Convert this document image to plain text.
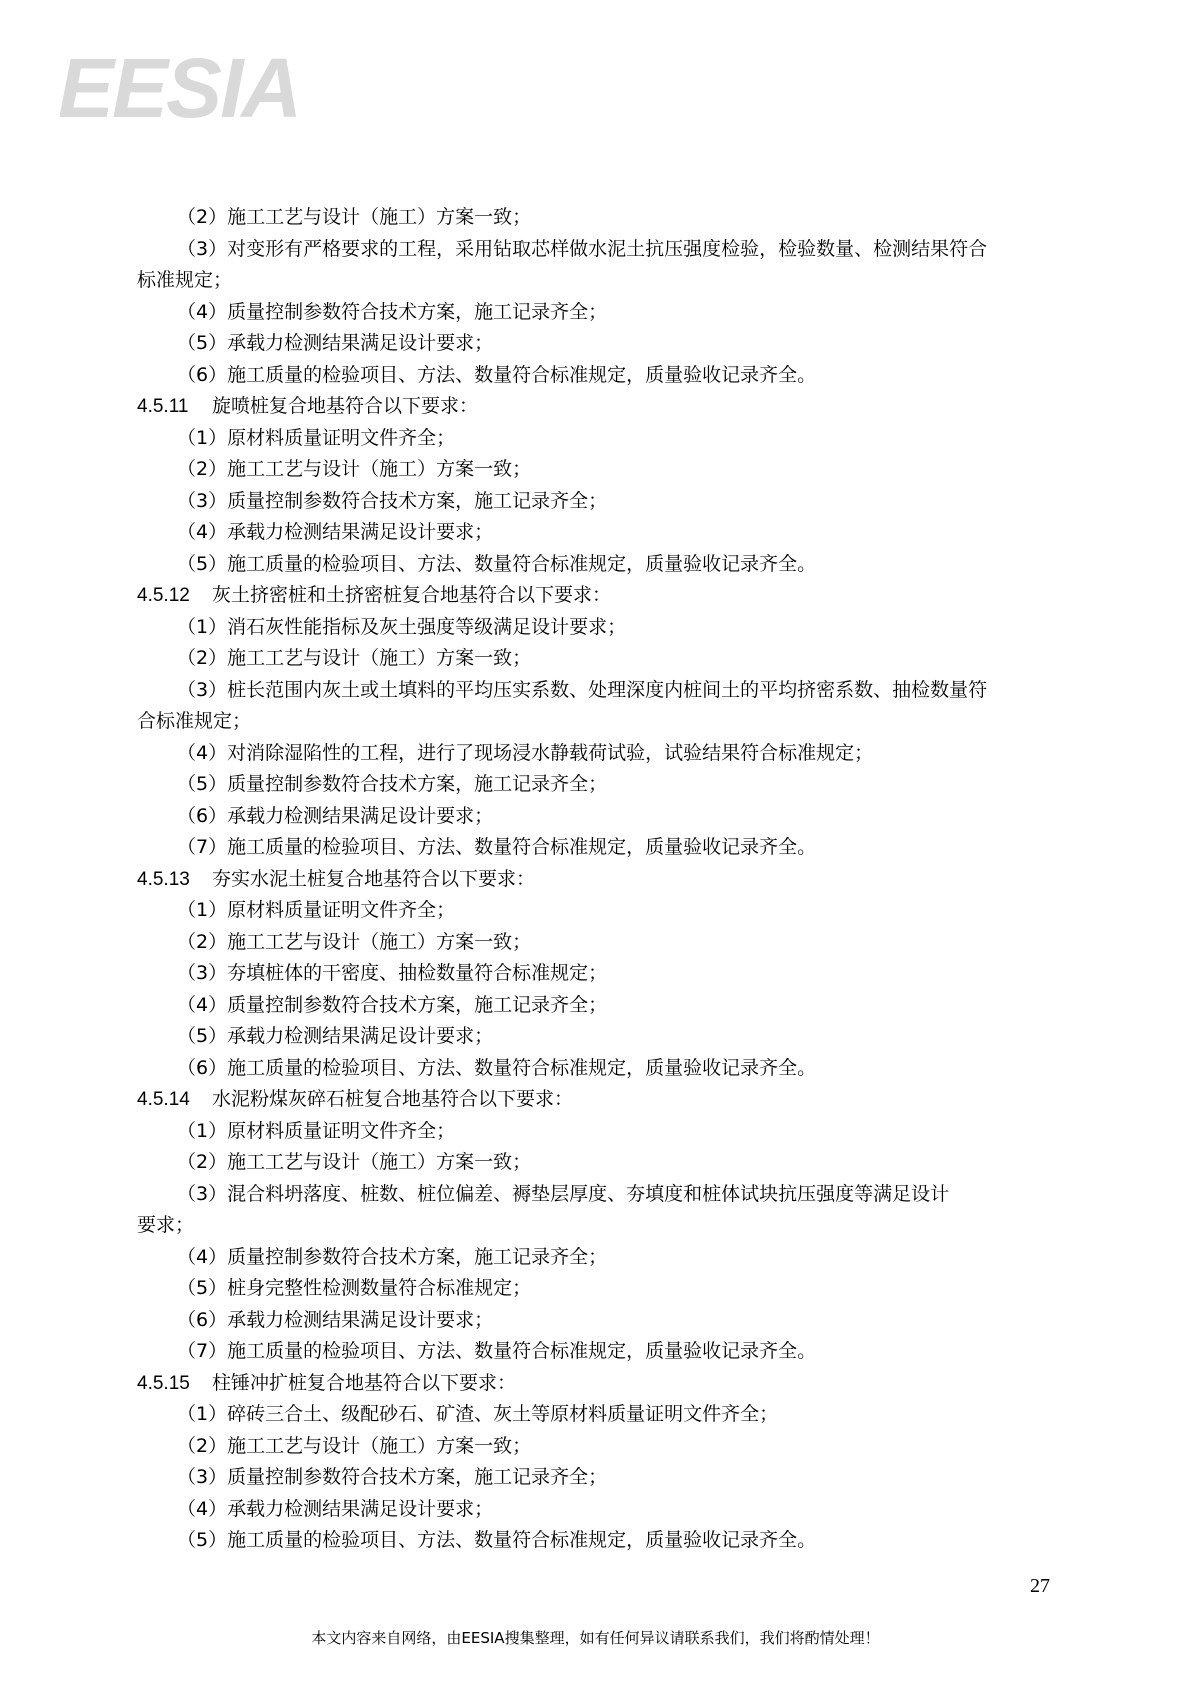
EESIA
（2）施工工艺与设计（施工）方案一致；
（3）对变形有严格要求的工程，采用钻取芯样做水泥土抗压强度检验，检验数量、检测结果符合
标准规定；
（4）质量控制参数符合技术方案，施工记录齐全；
（5）承载力检测结果满足设计要求；
（6）施工质量的检验项目、方法、数量符合标准规定，质量验收记录齐全。
4.5.11 旋喷桩复合地基符合以下要求：
（1）原材料质量证明文件齐全；
（2）施工工艺与设计（施工）方案一致；
（3）质量控制参数符合技术方案，施工记录齐全；
（4）承载力检测结果满足设计要求；
（5）施工质量的检验项目、方法、数量符合标准规定，质量验收记录齐全。
4.5.12 灰土挤密桩和土挤密桩复合地基符合以下要求：
（1）消石灰性能指标及灰土强度等级满足设计要求；
（2）施工工艺与设计（施工）方案一致；
（3）桩长范围内灰土或土填料的平均压实系数、处理深度内桩间土的平均挤密系数、抽检数量符
合标准规定；
（4）对消除湿陷性的工程，进行了现场浸水静载荷试验，试验结果符合标准规定；
（5）质量控制参数符合技术方案，施工记录齐全；
（6）承载力检测结果满足设计要求；
（7）施工质量的检验项目、方法、数量符合标准规定，质量验收记录齐全。
4.5.13 夯实水泥土桩复合地基符合以下要求：
（1）原材料质量证明文件齐全；
（2）施工工艺与设计（施工）方案一致；
（3）夯填桩体的干密度、抽检数量符合标准规定；
（4）质量控制参数符合技术方案，施工记录齐全；
（5）承载力检测结果满足设计要求；
（6）施工质量的检验项目、方法、数量符合标准规定，质量验收记录齐全。
4.5.14 水泥粉煤灰碎石桩复合地基符合以下要求：
（1）原材料质量证明文件齐全；
（2）施工工艺与设计（施工）方案一致；
（3）混合料坍落度、桩数、桩位偏差、褥垫层厚度、夯填度和桩体试块抗压强度等满足设计
要求；
（4）质量控制参数符合技术方案，施工记录齐全；
（5）桩身完整性检测数量符合标准规定；
（6）承载力检测结果满足设计要求；
（7）施工质量的检验项目、方法、数量符合标准规定，质量验收记录齐全。
4.5.15 柱锤冲扩桩复合地基符合以下要求：
（1）碎砖三合土、级配砂石、矿渣、灰土等原材料质量证明文件齐全；
（2）施工工艺与设计（施工）方案一致；
（3）质量控制参数符合技术方案，施工记录齐全；
（4）承载力检测结果满足设计要求；
（5）施工质量的检验项目、方法、数量符合标准规定，质量验收记录齐全。
27
本文内容来自网络，由EESIA搜集整理，如有任何异议请联系我们，我们将酌情处理！
